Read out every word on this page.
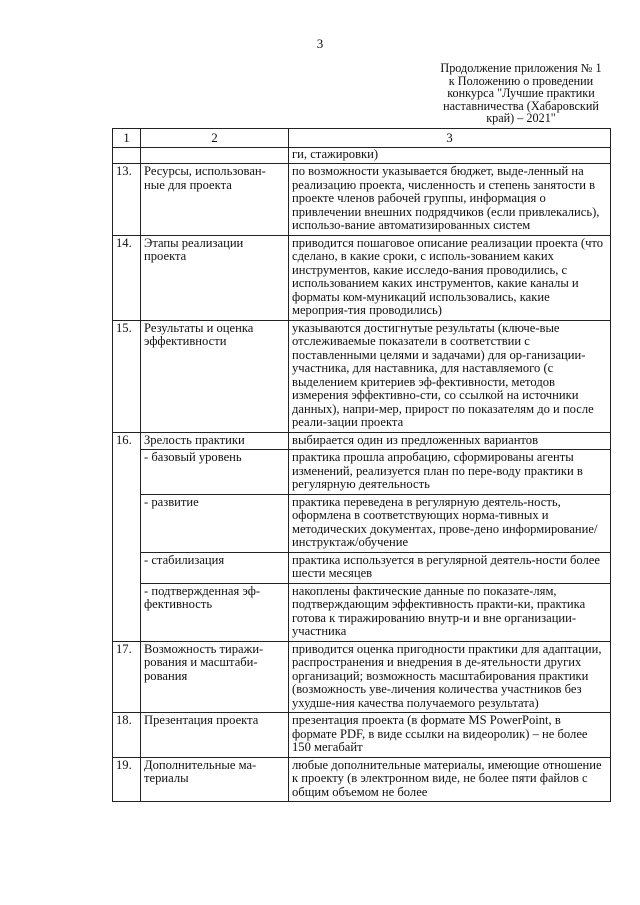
3
Продолжение приложения № 1
к Положению о проведении
конкурса "Лучшие практики
наставничества (Хабаровский
край) – 2021"
1	2	3
		ги, стажировки)
13.	Ресурсы, использован-ные для проекта	по возможности указывается бюджет, выде-ленный на реализацию проекта, численность и степень занятости в проекте членов рабочей группы, информация о привлечении внешних подрядчиков (если привлекались), использо-вание автоматизированных систем
14.	Этапы реализации проекта	приводится пошаговое описание реализации проекта (что сделано, в какие сроки, с исполь-зованием каких инструментов, какие исследо-вания проводились, с использованием каких инструментов, какие каналы и форматы ком-муникаций использовались, какие мероприя-тия проводились)
15.	Результаты и оценка эффективности	указываются достигнутые результаты (ключе-вые отслеживаемые показатели в соответствии с поставленными целями и задачами) для ор-ганизации-участника, для наставника, для наставляемого (с выделением критериев эф-фективности, методов измерения эффективно-сти, со ссылкой на источники данных), напри-мер, прирост по показателям до и после реали-зации проекта
16.	Зрелость практики	выбирается один из предложенных вариантов
	- базовый уровень	практика прошла апробацию, сформированы агенты изменений, реализуется план по пере-воду практики в регулярную деятельность
	- развитие	практика переведена в регулярную деятель-ность, оформлена в соответствующих норма-тивных и методических документах, прове-дено информирование/инструктаж/обучение
	- стабилизация	практика используется в регулярной деятель-ности более шести месяцев
	- подтвержденная эф-фективность	накоплены фактические данные по показате-лям, подтверждающим эффективность практи-ки, практика готова к тиражированию внутр-и и вне организации-участника
17.	Возможность тиражи-рования и масштаби-рования	приводится оценка пригодности практики для адаптации, распространения и внедрения в де-ятельности других организаций; возможность масштабирования практики (возможность уве-личения количества участников без ухудше-ния качества получаемого результата)
18.	Презентация проекта	презентация проекта (в формате MS PowerPoint, в формате PDF, в виде ссылки на видеоролик) – не более 150 мегабайт
19.	Дополнительные ма-териалы	любые дополнительные материалы, имеющие отношение к проекту (в электронном виде, не более пяти файлов с общим объемом не более
